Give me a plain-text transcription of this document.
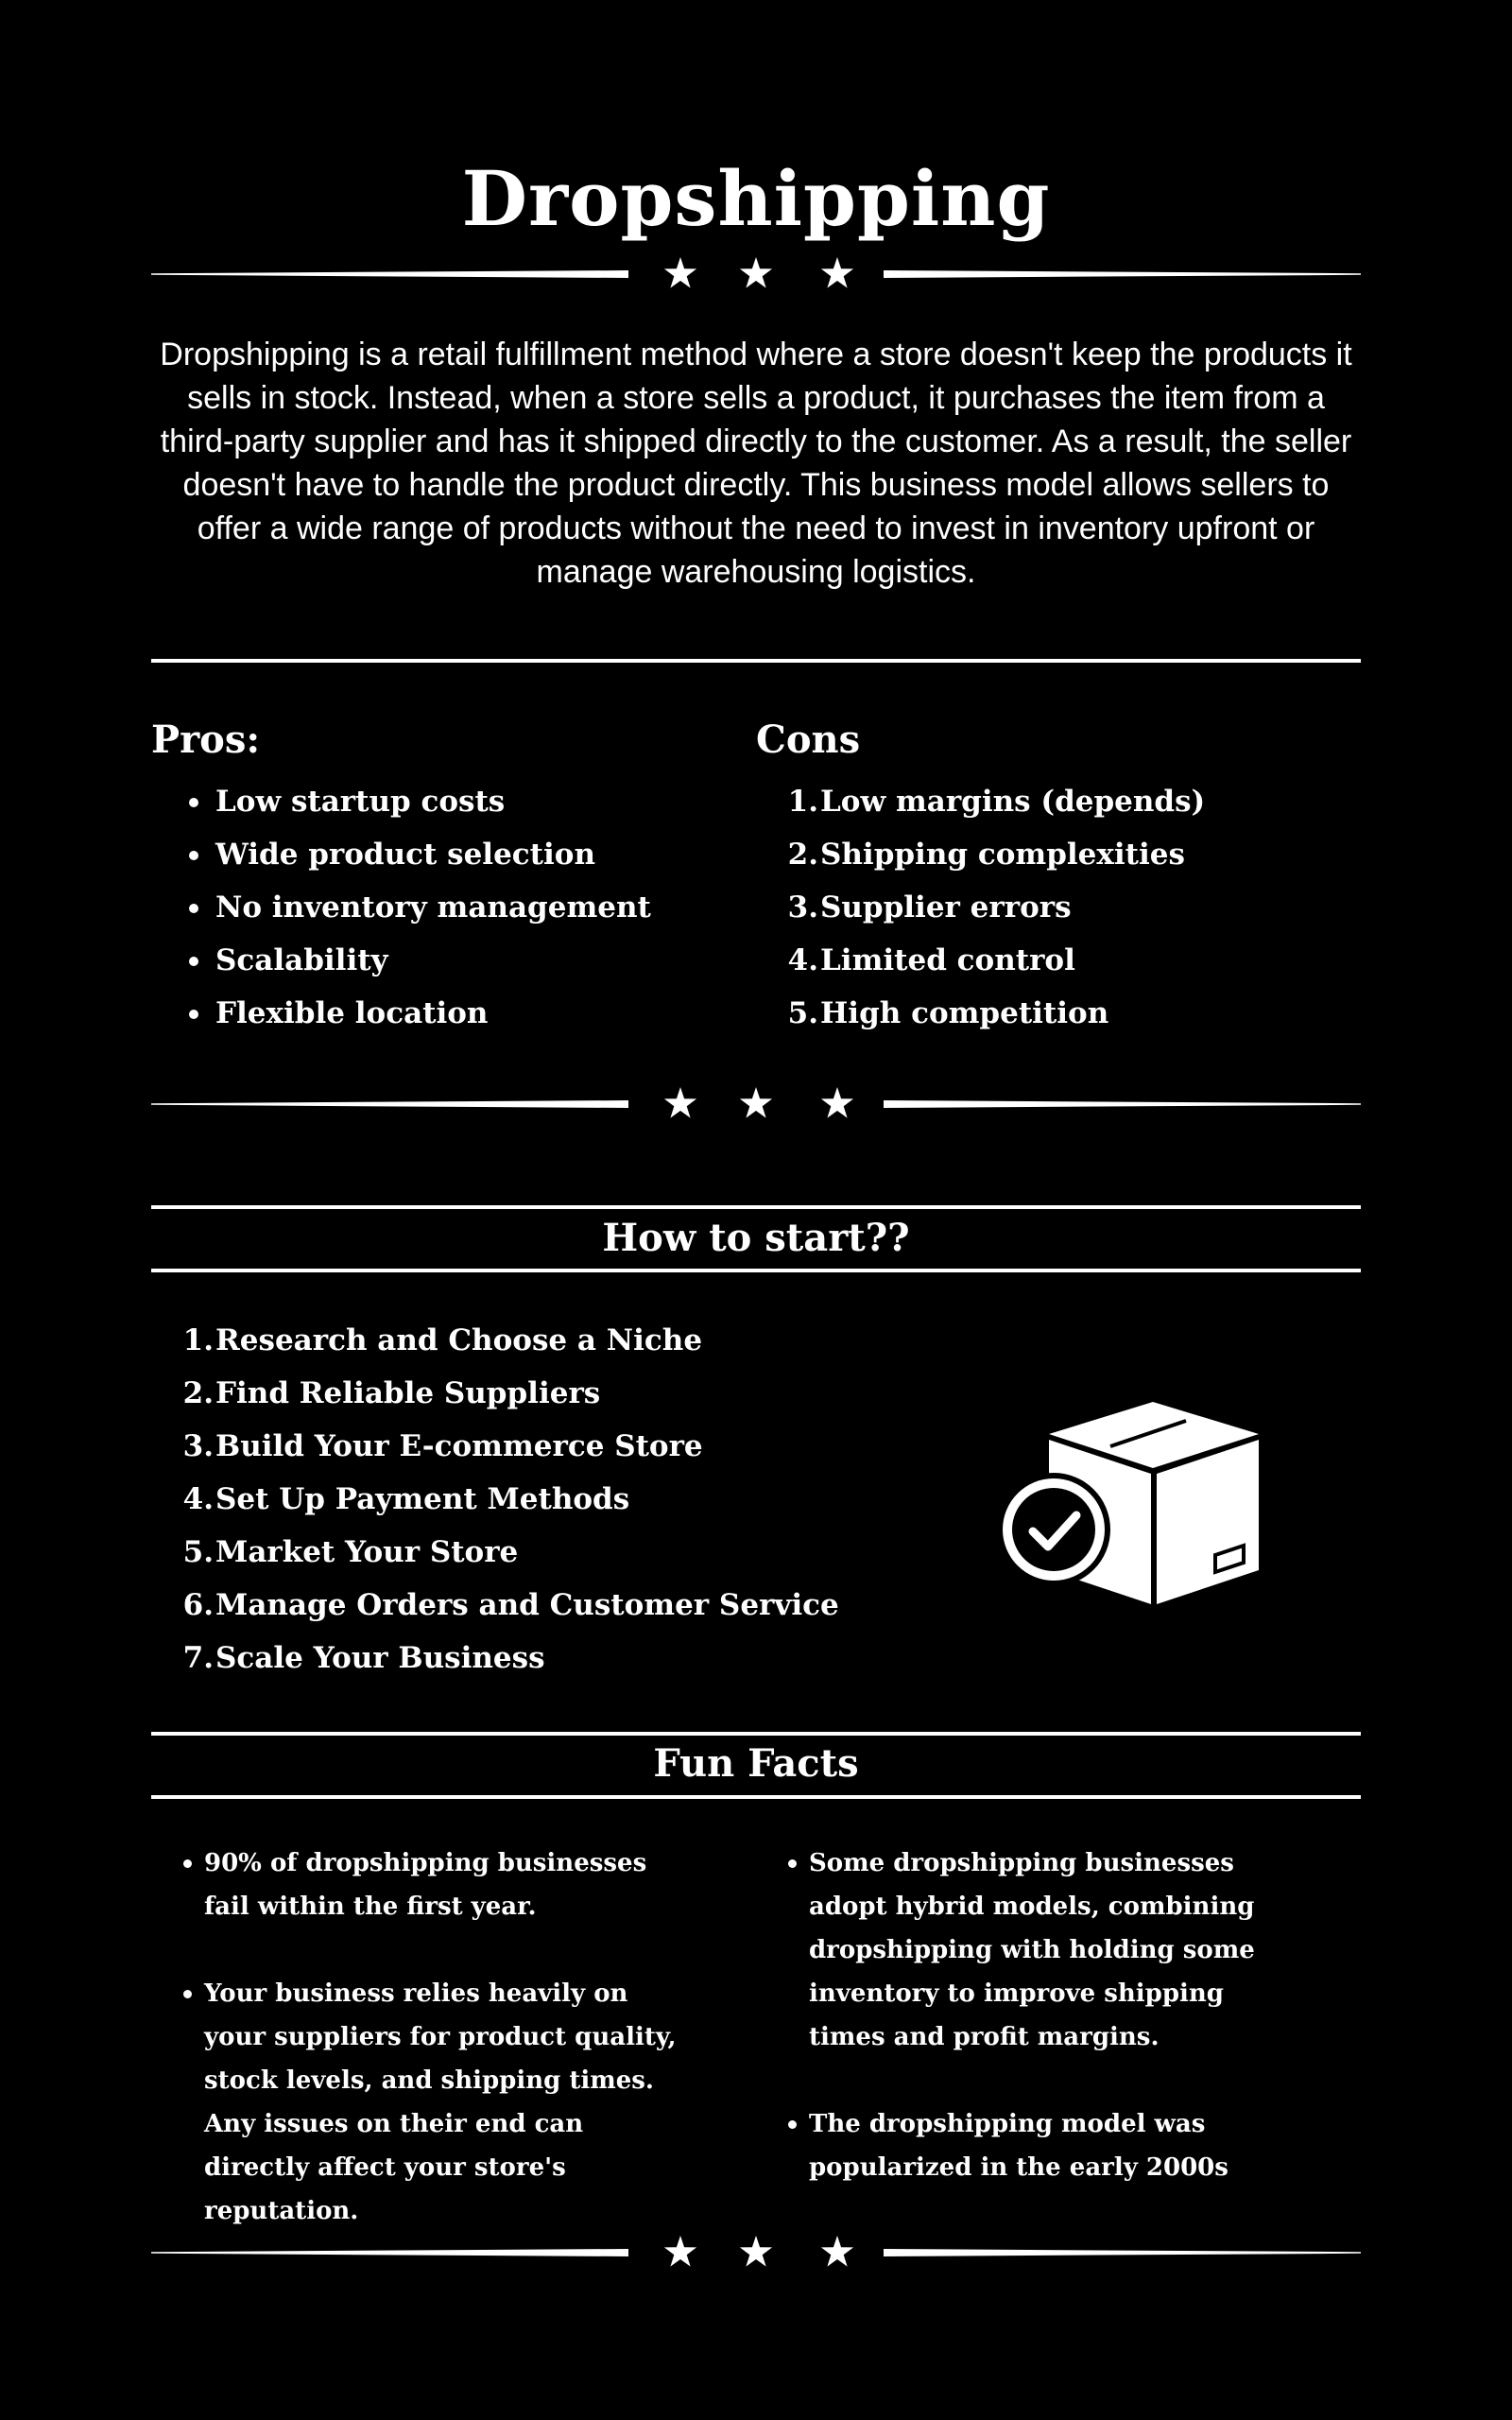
Dropshipping
Dropshipping is a retail fulfillment method where a store doesn't keep the products it sells in stock. Instead, when a store sells a product, it purchases the item from a third-party supplier and has it shipped directly to the customer. As a result, the seller doesn't have to handle the product directly. This business model allows sellers to offer a wide range of products without the need to invest in inventory upfront or manage warehousing logistics.
Pros:
Low startup costs
Wide product selection
No inventory management
Scalability
Flexible location
Cons
1. Low margins (depends)
2. Shipping complexities
3. Supplier errors
4. Limited control
5. High competition
How to start??
1. Research and Choose a Niche
2. Find Reliable Suppliers
3. Build Your E-commerce Store
4. Set Up Payment Methods
5. Market Your Store
6. Manage Orders and Customer Service
7. Scale Your Business
Fun Facts
90% of dropshipping businesses fail within the first year.
Your business relies heavily on your suppliers for product quality, stock levels, and shipping times. Any issues on their end can directly affect your store's reputation.
Some dropshipping businesses adopt hybrid models, combining dropshipping with holding some inventory to improve shipping times and profit margins.
The dropshipping model was popularized in the early 2000s
